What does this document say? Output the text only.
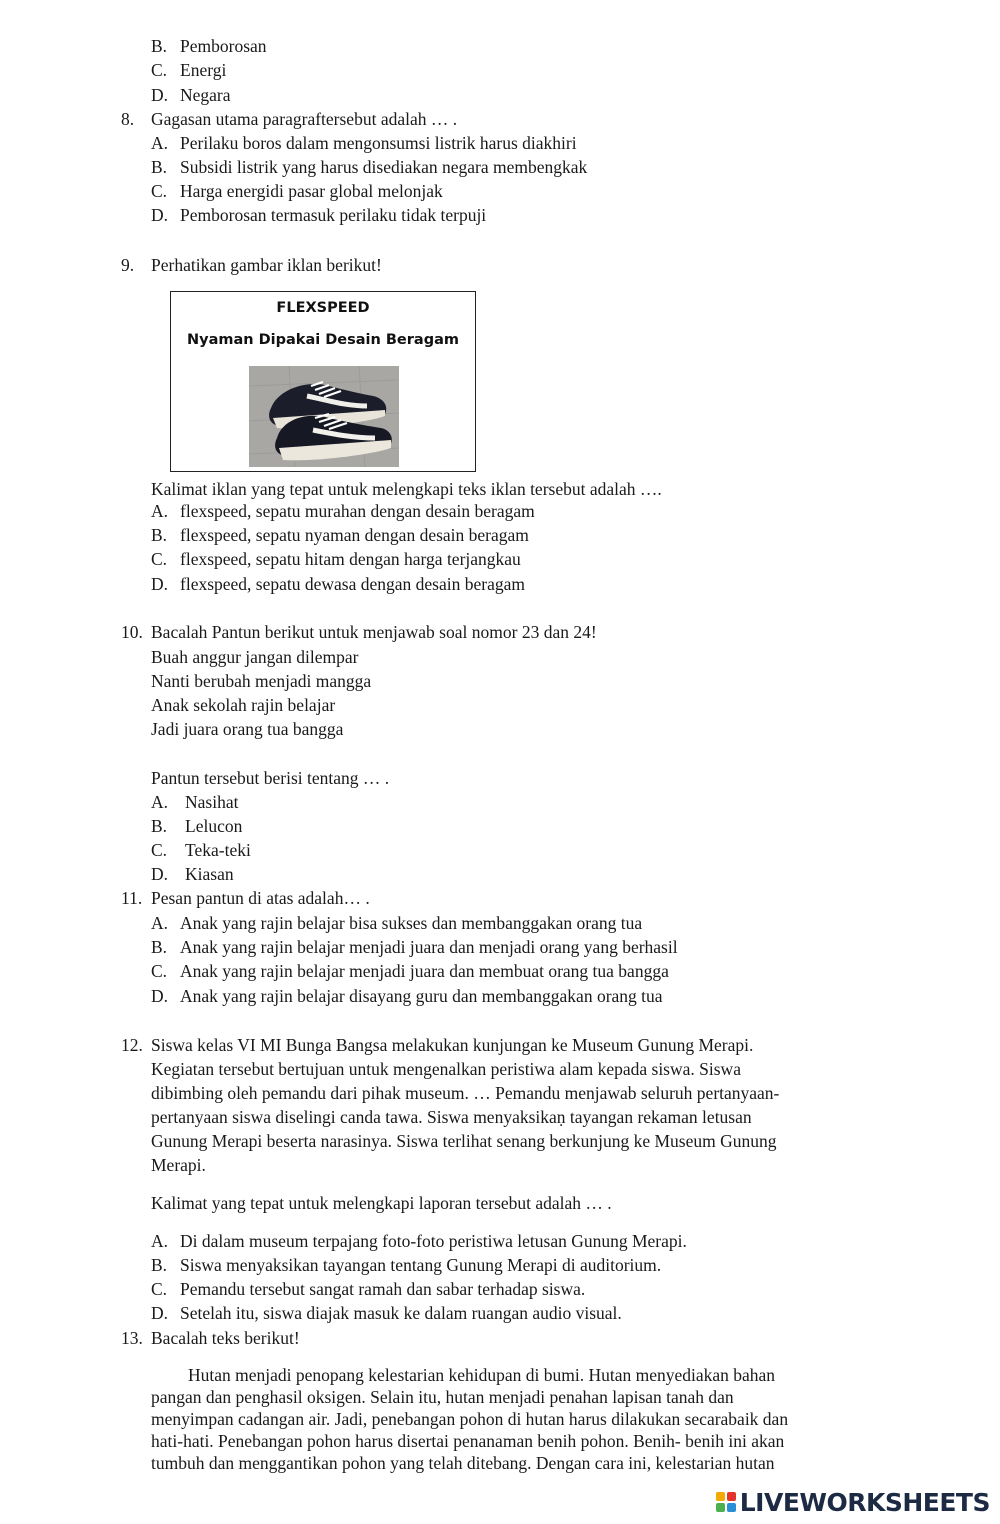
B. Pemborosan
C. Energi
D. Negara
8. Gagasan utama paragraftersebut adalah … .
A. Perilaku boros dalam mengonsumsi listrik harus diakhiri
B. Subsidi listrik yang harus disediakan negara membengkak
C. Harga energidi pasar global melonjak
D. Pemborosan termasuk perilaku tidak terpuji
9. Perhatikan gambar iklan berikut!
FLEXSPEED
Nyaman Dipakai Desain Beragam
Kalimat iklan yang tepat untuk melengkapi teks iklan tersebut adalah ….
A. flexspeed, sepatu murahan dengan desain beragam
B. flexspeed, sepatu nyaman dengan desain beragam
C. flexspeed, sepatu hitam dengan harga terjangkau
D. flexspeed, sepatu dewasa dengan desain beragam
10. Bacalah Pantun berikut untuk menjawab soal nomor 23 dan 24!
Buah anggur jangan dilempar
Nanti berubah menjadi mangga
Anak sekolah rajin belajar
Jadi juara orang tua bangga
Pantun tersebut berisi tentang … .
A. Nasihat
B. Lelucon
C. Teka-teki
D. Kiasan
11. Pesan pantun di atas adalah… .
A. Anak yang rajin belajar bisa sukses dan membanggakan orang tua
B. Anak yang rajin belajar menjadi juara dan menjadi orang yang berhasil
C. Anak yang rajin belajar menjadi juara dan membuat orang tua bangga
D. Anak yang rajin belajar disayang guru dan membanggakan orang tua
12. Siswa kelas VI MI Bunga Bangsa melakukan kunjungan ke Museum Gunung Merapi.
Kegiatan tersebut bertujuan untuk mengenalkan peristiwa alam kepada siswa. Siswa
dibimbing oleh pemandu dari pihak museum. … Pemandu menjawab seluruh pertanyaan-
pertanyaan siswa diselingi canda tawa. Siswa menyaksikaṇ tayangan rekaman letusan
Gunung Merapi beserta narasinya. Siswa terlihat senang berkunjung ke Museum Gunung
Merapi.
Kalimat yang tepat untuk melengkapi laporan tersebut adalah … .
A. Di dalam museum terpajang foto-foto peristiwa letusan Gunung Merapi.
B. Siswa menyaksikan tayangan tentang Gunung Merapi di auditorium.
C. Pemandu tersebut sangat ramah dan sabar terhadap siswa.
D. Setelah itu, siswa diajak masuk ke dalam ruangan audio visual.
13. Bacalah teks berikut!
Hutan menjadi penopang kelestarian kehidupan di bumi. Hutan menyediakan bahan
pangan dan penghasil oksigen. Selain itu, hutan menjadi penahan lapisan tanah dan
menyimpan cadangan air. Jadi, penebangan pohon di hutan harus dilakukan secarabaik dan
hati-hati. Penebangan pohon harus disertai penanaman benih pohon. Benih- benih ini akan
tumbuh dan menggantikan pohon yang telah ditebang. Dengan cara ini, kelestarian hutan
LIVEWORKSHEETS
